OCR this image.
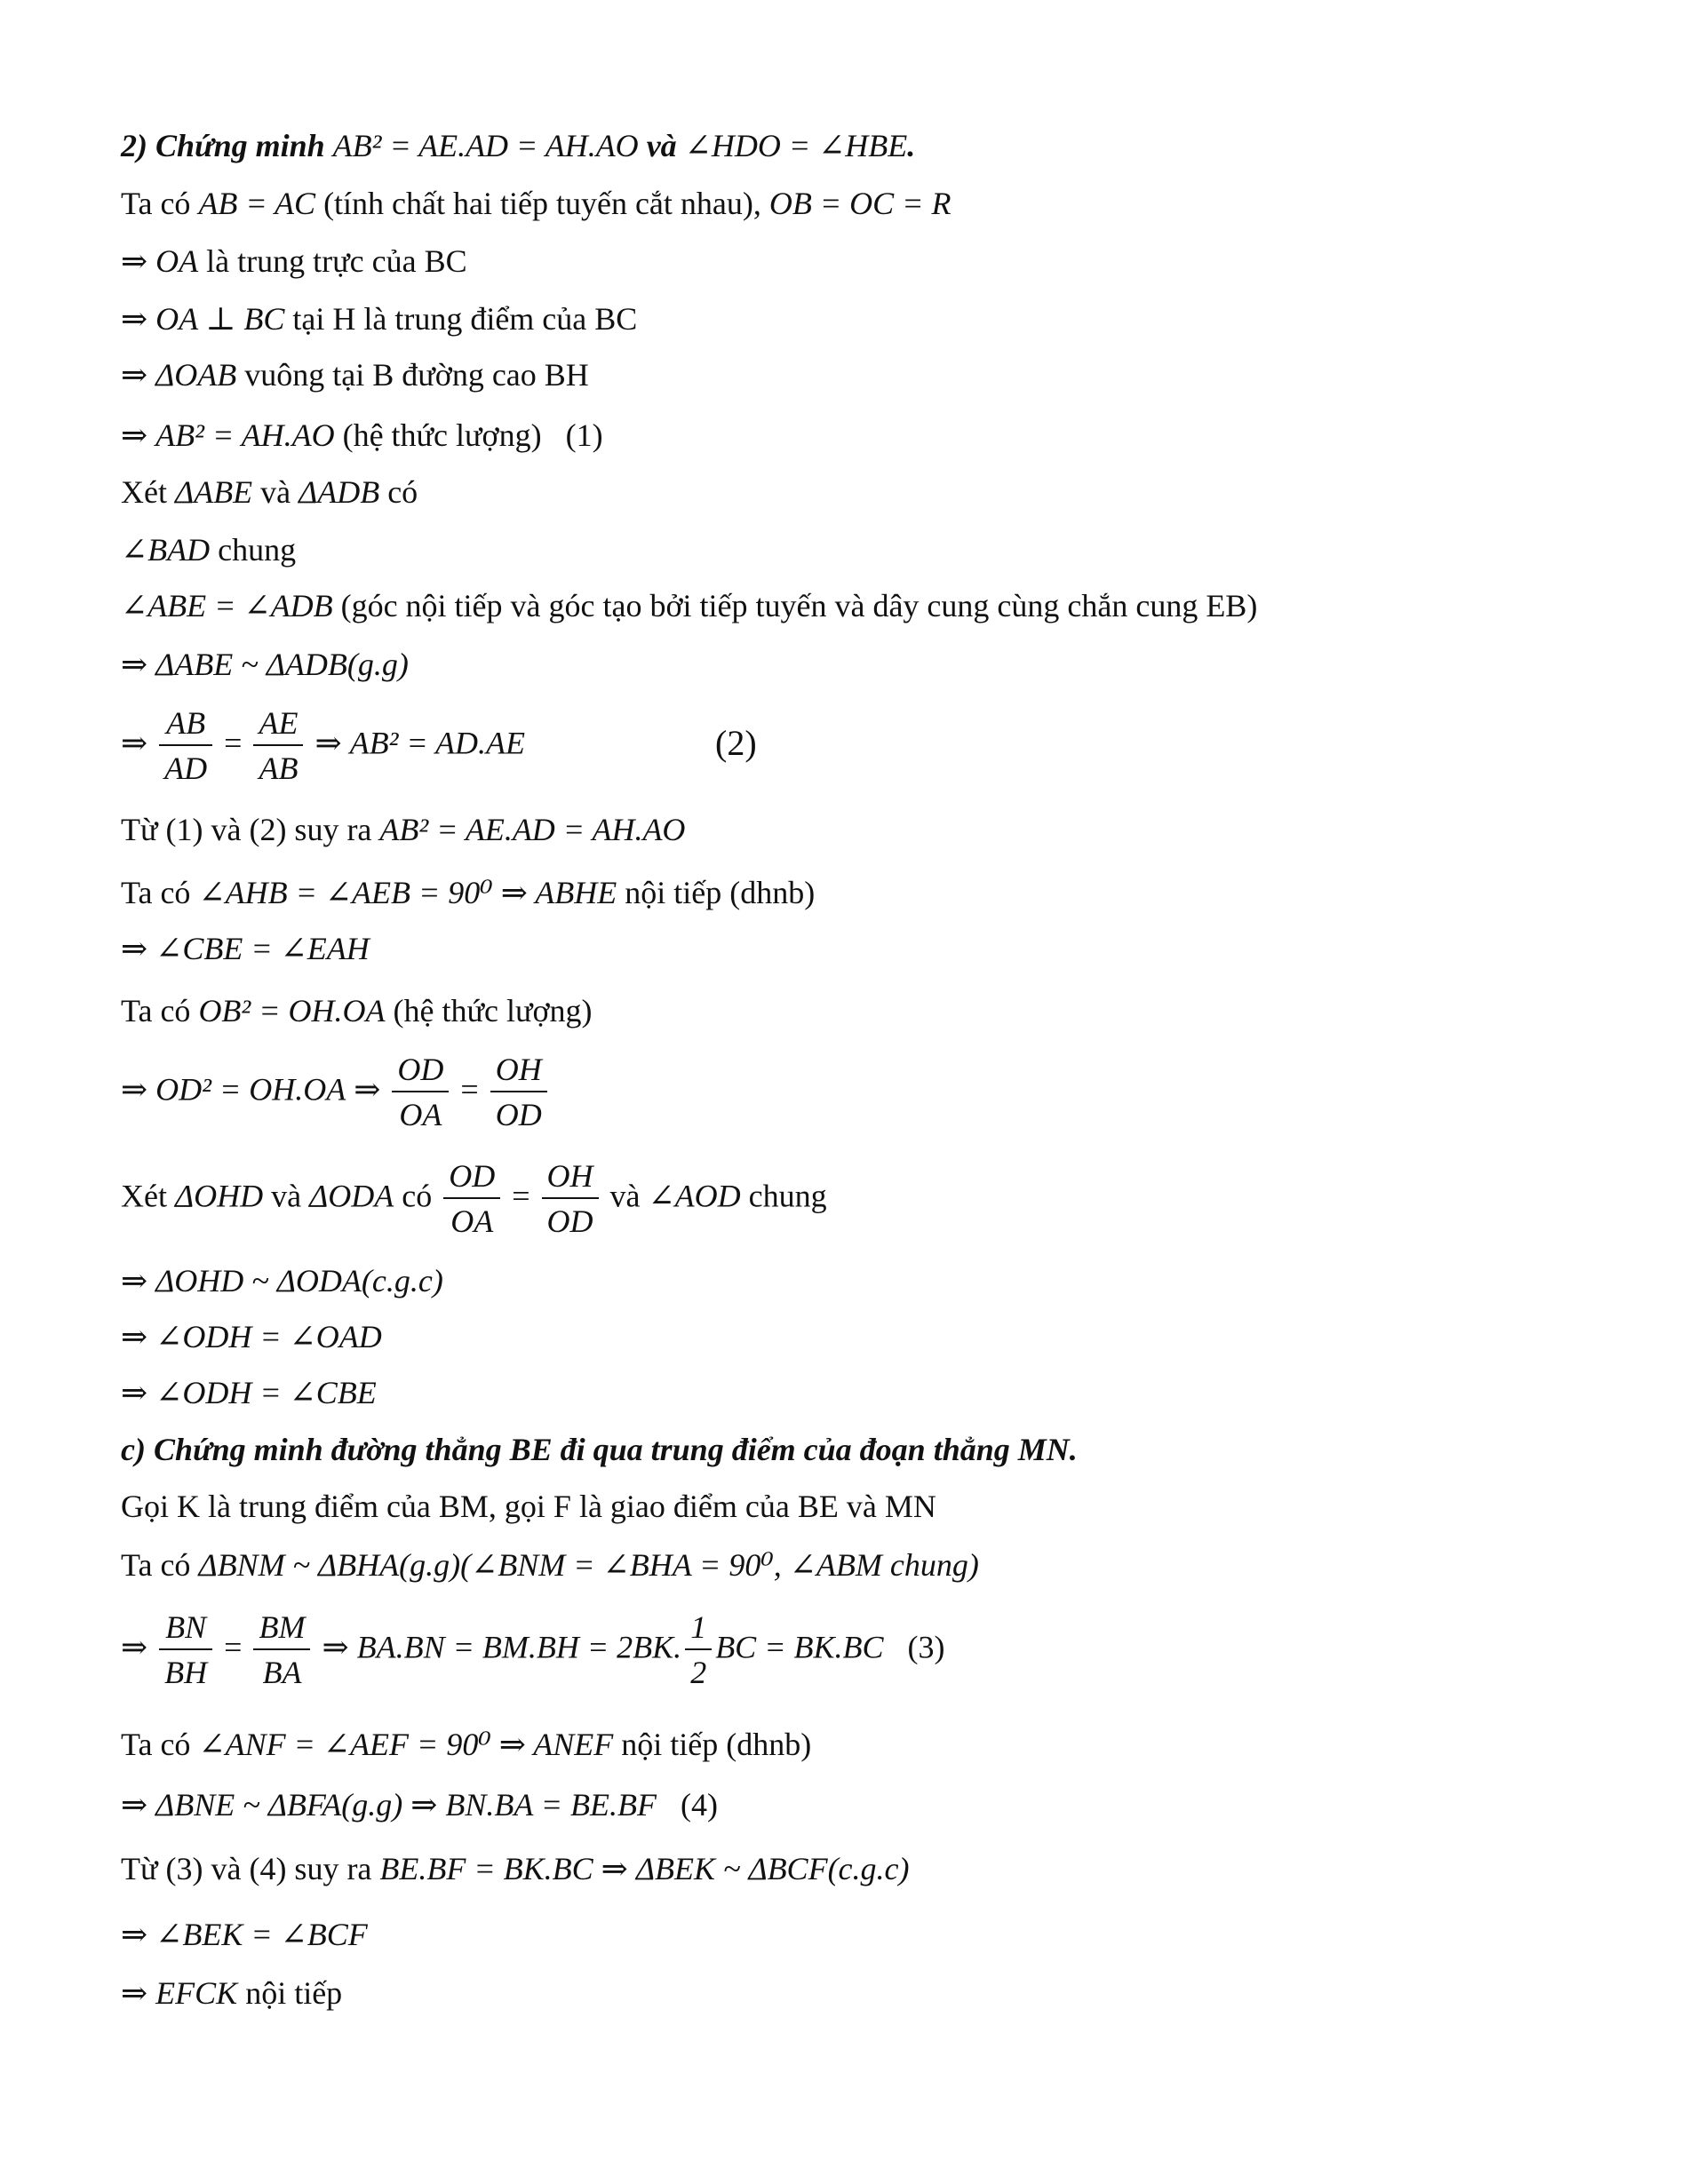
2) Chứng minh AB² = AE.AD = AH.AO và ∠HDO = ∠HBE.
Ta có AB = AC (tính chất hai tiếp tuyến cắt nhau), OB = OC = R
⇒ OA là trung trực của BC
⇒ OA ⊥ BC tại H là trung điểm của BC
⇒ ΔOAB vuông tại B đường cao BH
⇒ AB² = AH.AO (hệ thức lượng)   (1)
Xét ΔABE và ΔADB có
∠BAD chung
∠ABE = ∠ADB (góc nội tiếp và góc tạo bởi tiếp tuyến và dây cung cùng chắn cung EB)
⇒ ΔABE ~ ΔADB(g.g)
⇒ $\frac{AB}{AD} = \frac{AE}{AB}$ ⇒ AB² = AD.AE
Từ (1) và (2) suy ra AB² = AE.AD = AH.AO
Ta có ∠AHB = ∠AEB = 90⁰ ⇒ ABHE nội tiếp (dhnb)
⇒ ∠CBE = ∠EAH
Ta có OB² = OH.OA (hệ thức lượng)
⇒ OD² = OH.OA ⇒ $\frac{OD}{OA} = \frac{OH}{OD}$
Xét ΔOHD và ΔODA có $\frac{OD}{OA} = \frac{OH}{OD}$ và ∠AOD chung
⇒ ΔOHD ~ ΔODA(c.g.c)
⇒ ∠ODH = ∠OAD
⇒ ∠ODH = ∠CBE
c) Chứng minh đường thẳng BE đi qua trung điểm của đoạn thẳng MN.
Gọi K là trung điểm của BM, gọi F là giao điểm của BE và MN
Ta có ΔBNM ~ ΔBHA(g.g)(∠BNM = ∠BHA = 90⁰, ∠ABM chung)
⇒ $\frac{BN}{BH} = \frac{BM}{BA}$ ⇒ BA.BN = BM.BH = 2BK. $\frac{1}{2}$ BC = BK.BC   (3)
Ta có ∠ANF = ∠AEF = 90⁰ ⇒ ANEF nội tiếp (dhnb)
⇒ ΔBNE ~ ΔBFA(g.g) ⇒ BN.BA = BE.BF   (4)
Từ (3) và (4) suy ra BE.BF = BK.BC ⇒ ΔBEK ~ ΔBCF(c.g.c)
⇒ ∠BEK = ∠BCF
⇒ EFCK nội tiếp
(2)
